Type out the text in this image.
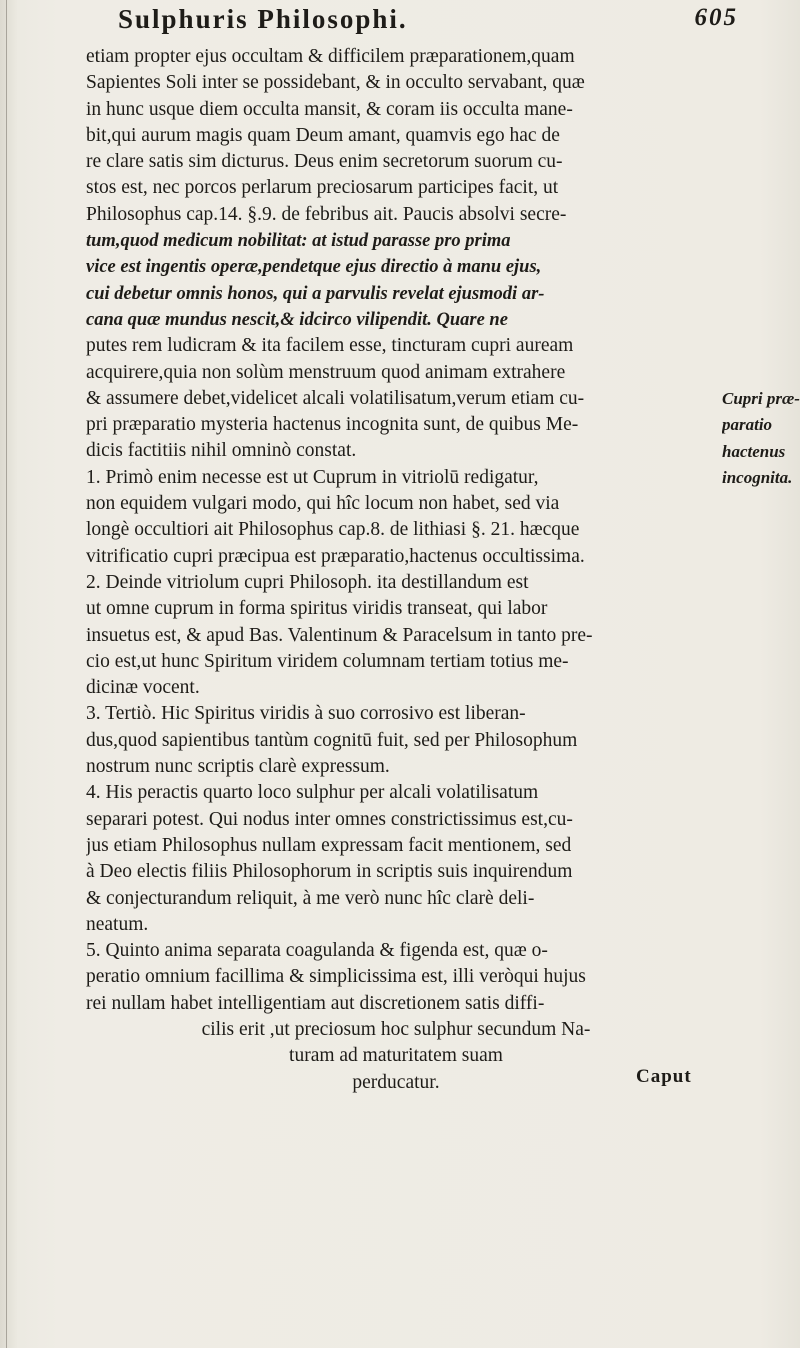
Sulphuris Philosophi.	605
etiam propter ejus occultam & difficilem præparationem,quam
Sapientes Soli inter se possidebant, & in occulto servabant, quæ
in hunc usque diem occulta mansit, & coram iis occulta mane-
bit,qui aurum magis quam Deum amant, quamvis ego hac de
re clare satis sim dicturus. Deus enim secretorum suorum cu-
stos est, nec porcos perlarum preciosarum participes facit, ut
Philosophus cap.14. §.9. de febribus ait. Paucis absolvi secre-
tum,quod medicum nobilitat: at istud parasse pro prima
vice est ingentis operæ,pendetque ejus directio à manu ejus,
cui debetur omnis honos, qui a parvulis revelat ejusmodi ar-
cana quæ mundus nescit,& idcirco vilipendit. Quare ne
putes rem ludicram & ita facilem esse, tincturam cupri auream
acquirere,quia non solùm menstruum quod animam extrahere
& assumere debet,videlicet alcali volatilisatum,verum etiam cu-
pri præparatio mysteria hactenus incognita sunt, de quibus Me-
dicis factitiis nihil omninò constat.
1. Primò enim necesse est ut Cuprum in vitriolū redigatur,
non equidem vulgari modo, qui hîc locum non habet, sed via
longè occultiori ait Philosophus cap.8. de lithiasi §. 21. hæcque
vitrificatio cupri præcipua est præparatio,hactenus occultissima.
2. Deinde vitriolum cupri Philosoph. ita destillandum est
ut omne cuprum in forma spiritus viridis transeat, qui labor
insuetus est, & apud Bas. Valentinum & Paracelsum in tanto pre-
cio est,ut hunc Spiritum viridem columnam tertiam totius me-
dicinæ vocent.
3. Tertiò. Hic Spiritus viridis à suo corrosivo est liberan-
dus,quod sapientibus tantùm cognitū fuit, sed per Philosophum
nostrum nunc scriptis clarè expressum.
4. His peractis quarto loco sulphur per alcali volatilisatum
separari potest. Qui nodus inter omnes constrictissimus est,cu-
jus etiam Philosophus nullam expressam facit mentionem, sed
à Deo electis filiis Philosophorum in scriptis suis inquirendum
& conjecturandum reliquit, à me verò nunc hîc clarè deli-
neatum.
5. Quinto anima separata coagulanda & figenda est, quæ o-
peratio omnium facillima & simplicissima est, illi veròqui hujus
rei nullam habet intelligentiam aut discretionem satis diffi-
cilis erit ,ut preciosum hoc sulphur secundum Na-
turam ad maturitatem suam
perducatur.
Cupri præ-
paratio
hactenus
incognita.
Caput
